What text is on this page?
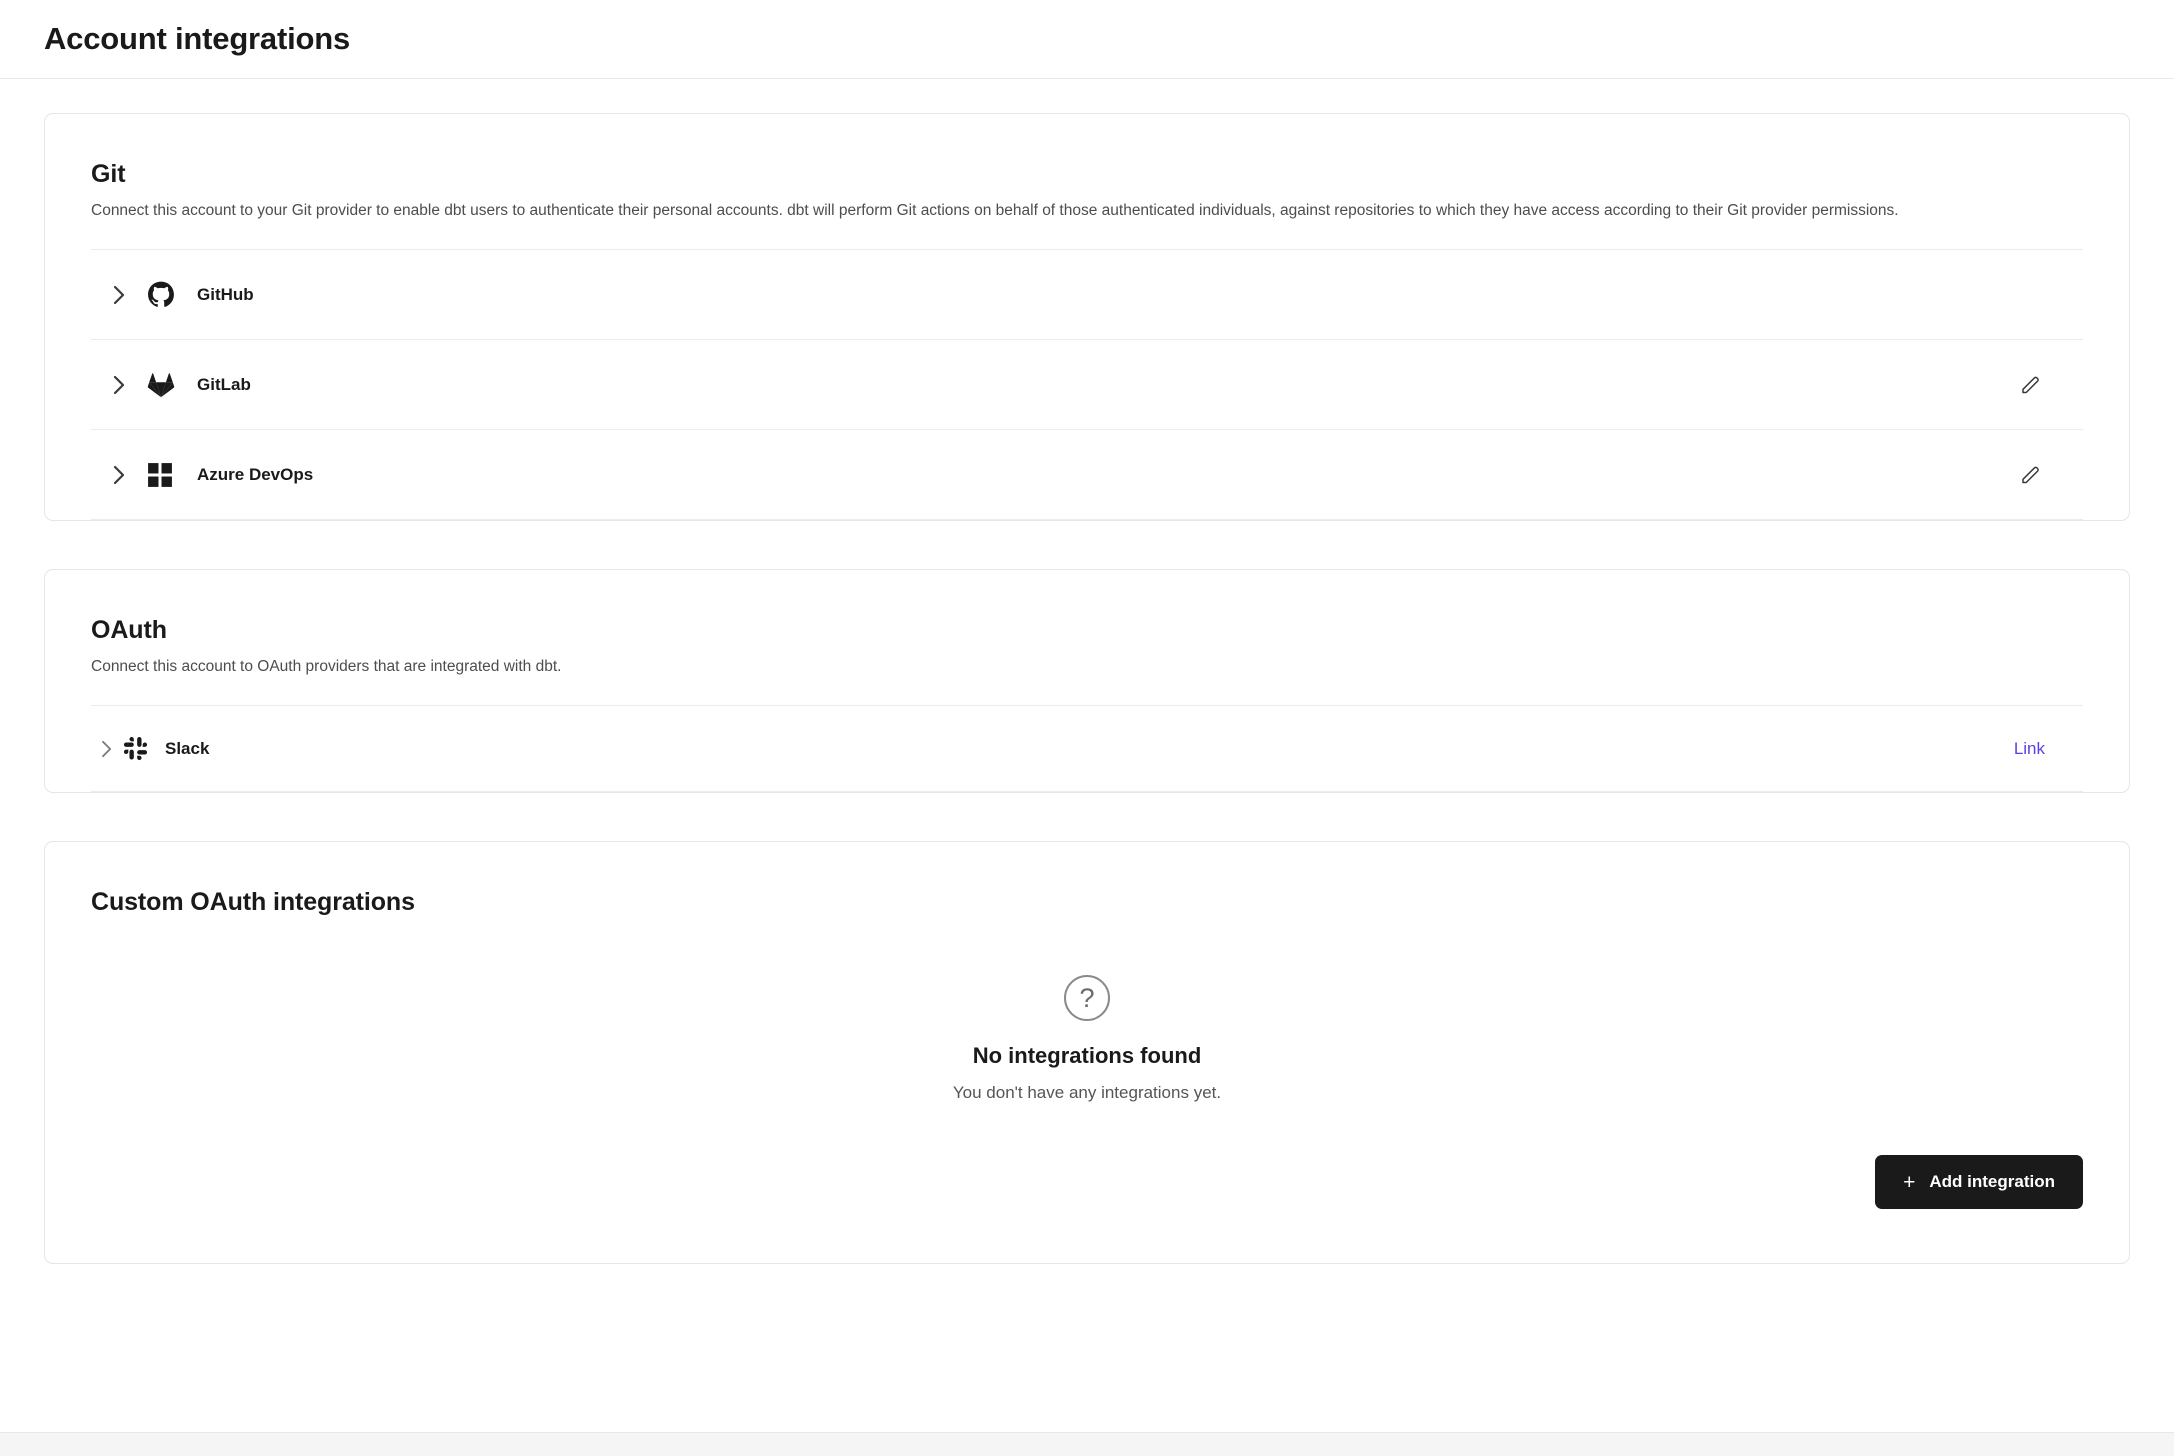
Account integrations
Git

Connect this account to your Git provider to enable dbt users to authenticate their personal accounts. dbt will perform Git actions on behalf of those authenticated individuals, against repositories to which they have access according to their Git provider permissions.

GitHub
GitLab
Azure DevOps
OAuth

Connect this account to OAuth providers that are integrated with dbt.

Slack	Link
Custom OAuth integrations
?
No integrations found
You don't have any integrations yet.
+ Add integration
